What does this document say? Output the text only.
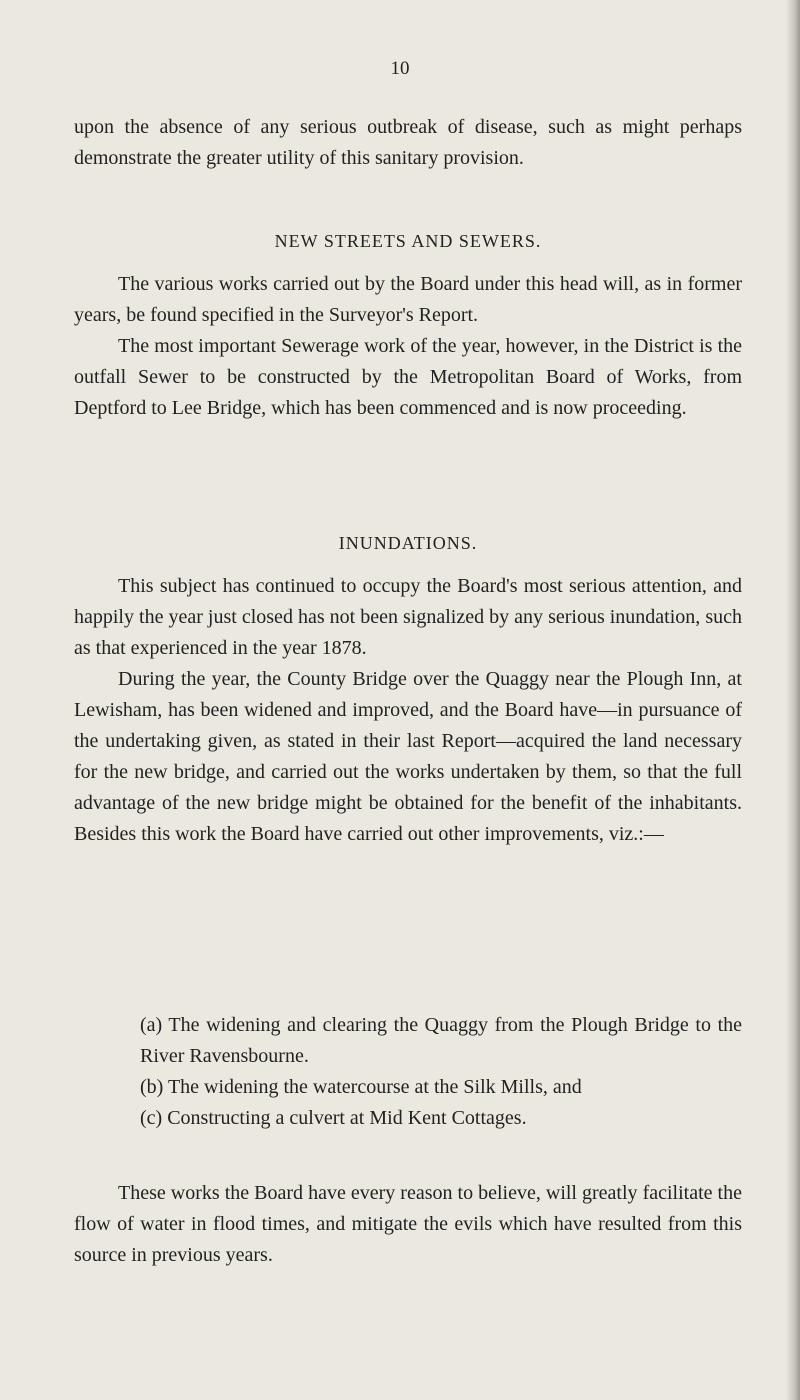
10

upon the absence of any serious outbreak of disease, such as might perhaps demonstrate the greater utility of this sanitary provision.

NEW STREETS AND SEWERS.

The various works carried out by the Board under this head will, as in former years, be found specified in the Surveyor's Report.

The most important Sewerage work of the year, however, in the District is the outfall Sewer to be constructed by the Metropolitan Board of Works, from Deptford to Lee Bridge, which has been commenced and is now proceeding.

INUNDATIONS.

This subject has continued to occupy the Board's most serious attention, and happily the year just closed has not been signalized by any serious inundation, such as that experienced in the year 1878.

During the year, the County Bridge over the Quaggy near the Plough Inn, at Lewisham, has been widened and improved, and the Board have—in pursuance of the undertaking given, as stated in their last Report—acquired the land necessary for the new bridge, and carried out the works undertaken by them, so that the full advantage of the new bridge might be obtained for the benefit of the inhabitants. Besides this work the Board have carried out other improvements, viz.:—

(a) The widening and clearing the Quaggy from the Plough Bridge to the River Ravensbourne.

(b) The widening the watercourse at the Silk Mills, and

(c) Constructing a culvert at Mid Kent Cottages.

These works the Board have every reason to believe, will greatly facilitate the flow of water in flood times, and mitigate the evils which have resulted from this source in previous years.
